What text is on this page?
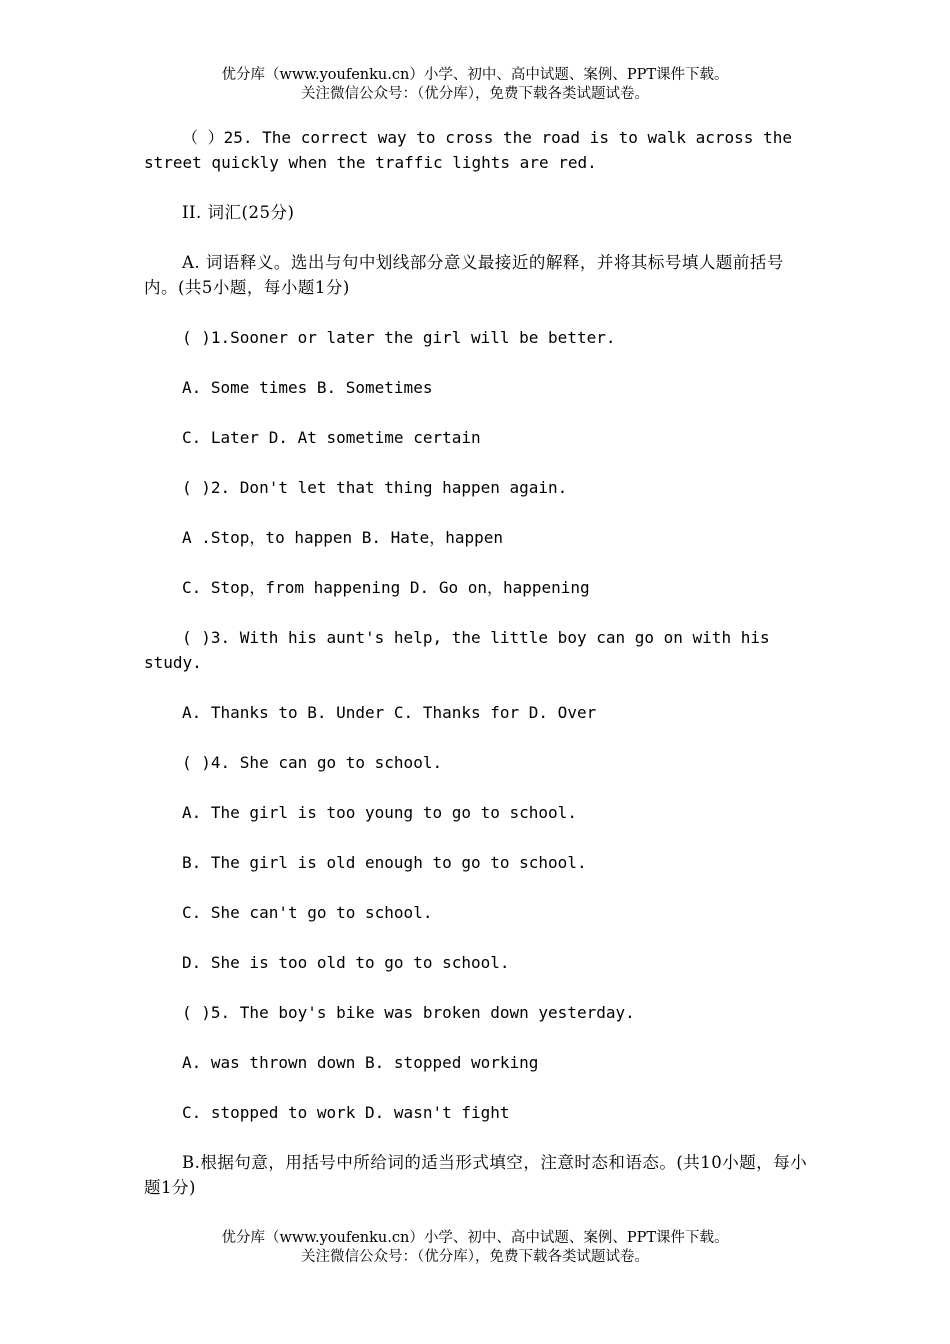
优分库（www.youfenku.cn）小学、初中、高中试题、案例、PPT课件下载。
关注微信公众号：（优分库），免费下载各类试题试卷。

（ ）25. The correct way to cross the road is to walk across the street quickly when the traffic lights are red.

II. 词汇(25分)

A. 词语释义。选出与句中划线部分意义最接近的解释，并将其标号填人题前括号内。(共5小题，每小题1分)

( )1.Sooner or later the girl will be better.

A. Some times B. Sometimes

C. Later D. At sometime certain

( )2. Don't let that thing happen again.

A .Stop，to happen B. Hate，happen

C. Stop，from happening D. Go on，happening

( )3. With his aunt's help, the little boy can go on with his study.

A. Thanks to B. Under C. Thanks for D. Over

( )4. She can go to school.

A. The girl is too young to go to school.

B. The girl is old enough to go to school.

C. She can't go to school.

D. She is too old to go to school.

( )5. The boy's bike was broken down yesterday.

A. was thrown down B. stopped working

C. stopped to work D. wasn't fight

B.根据句意，用括号中所给词的适当形式填空，注意时态和语态。(共10小题，每小题1分)

优分库（www.youfenku.cn）小学、初中、高中试题、案例、PPT课件下载。
关注微信公众号：（优分库），免费下载各类试题试卷。
